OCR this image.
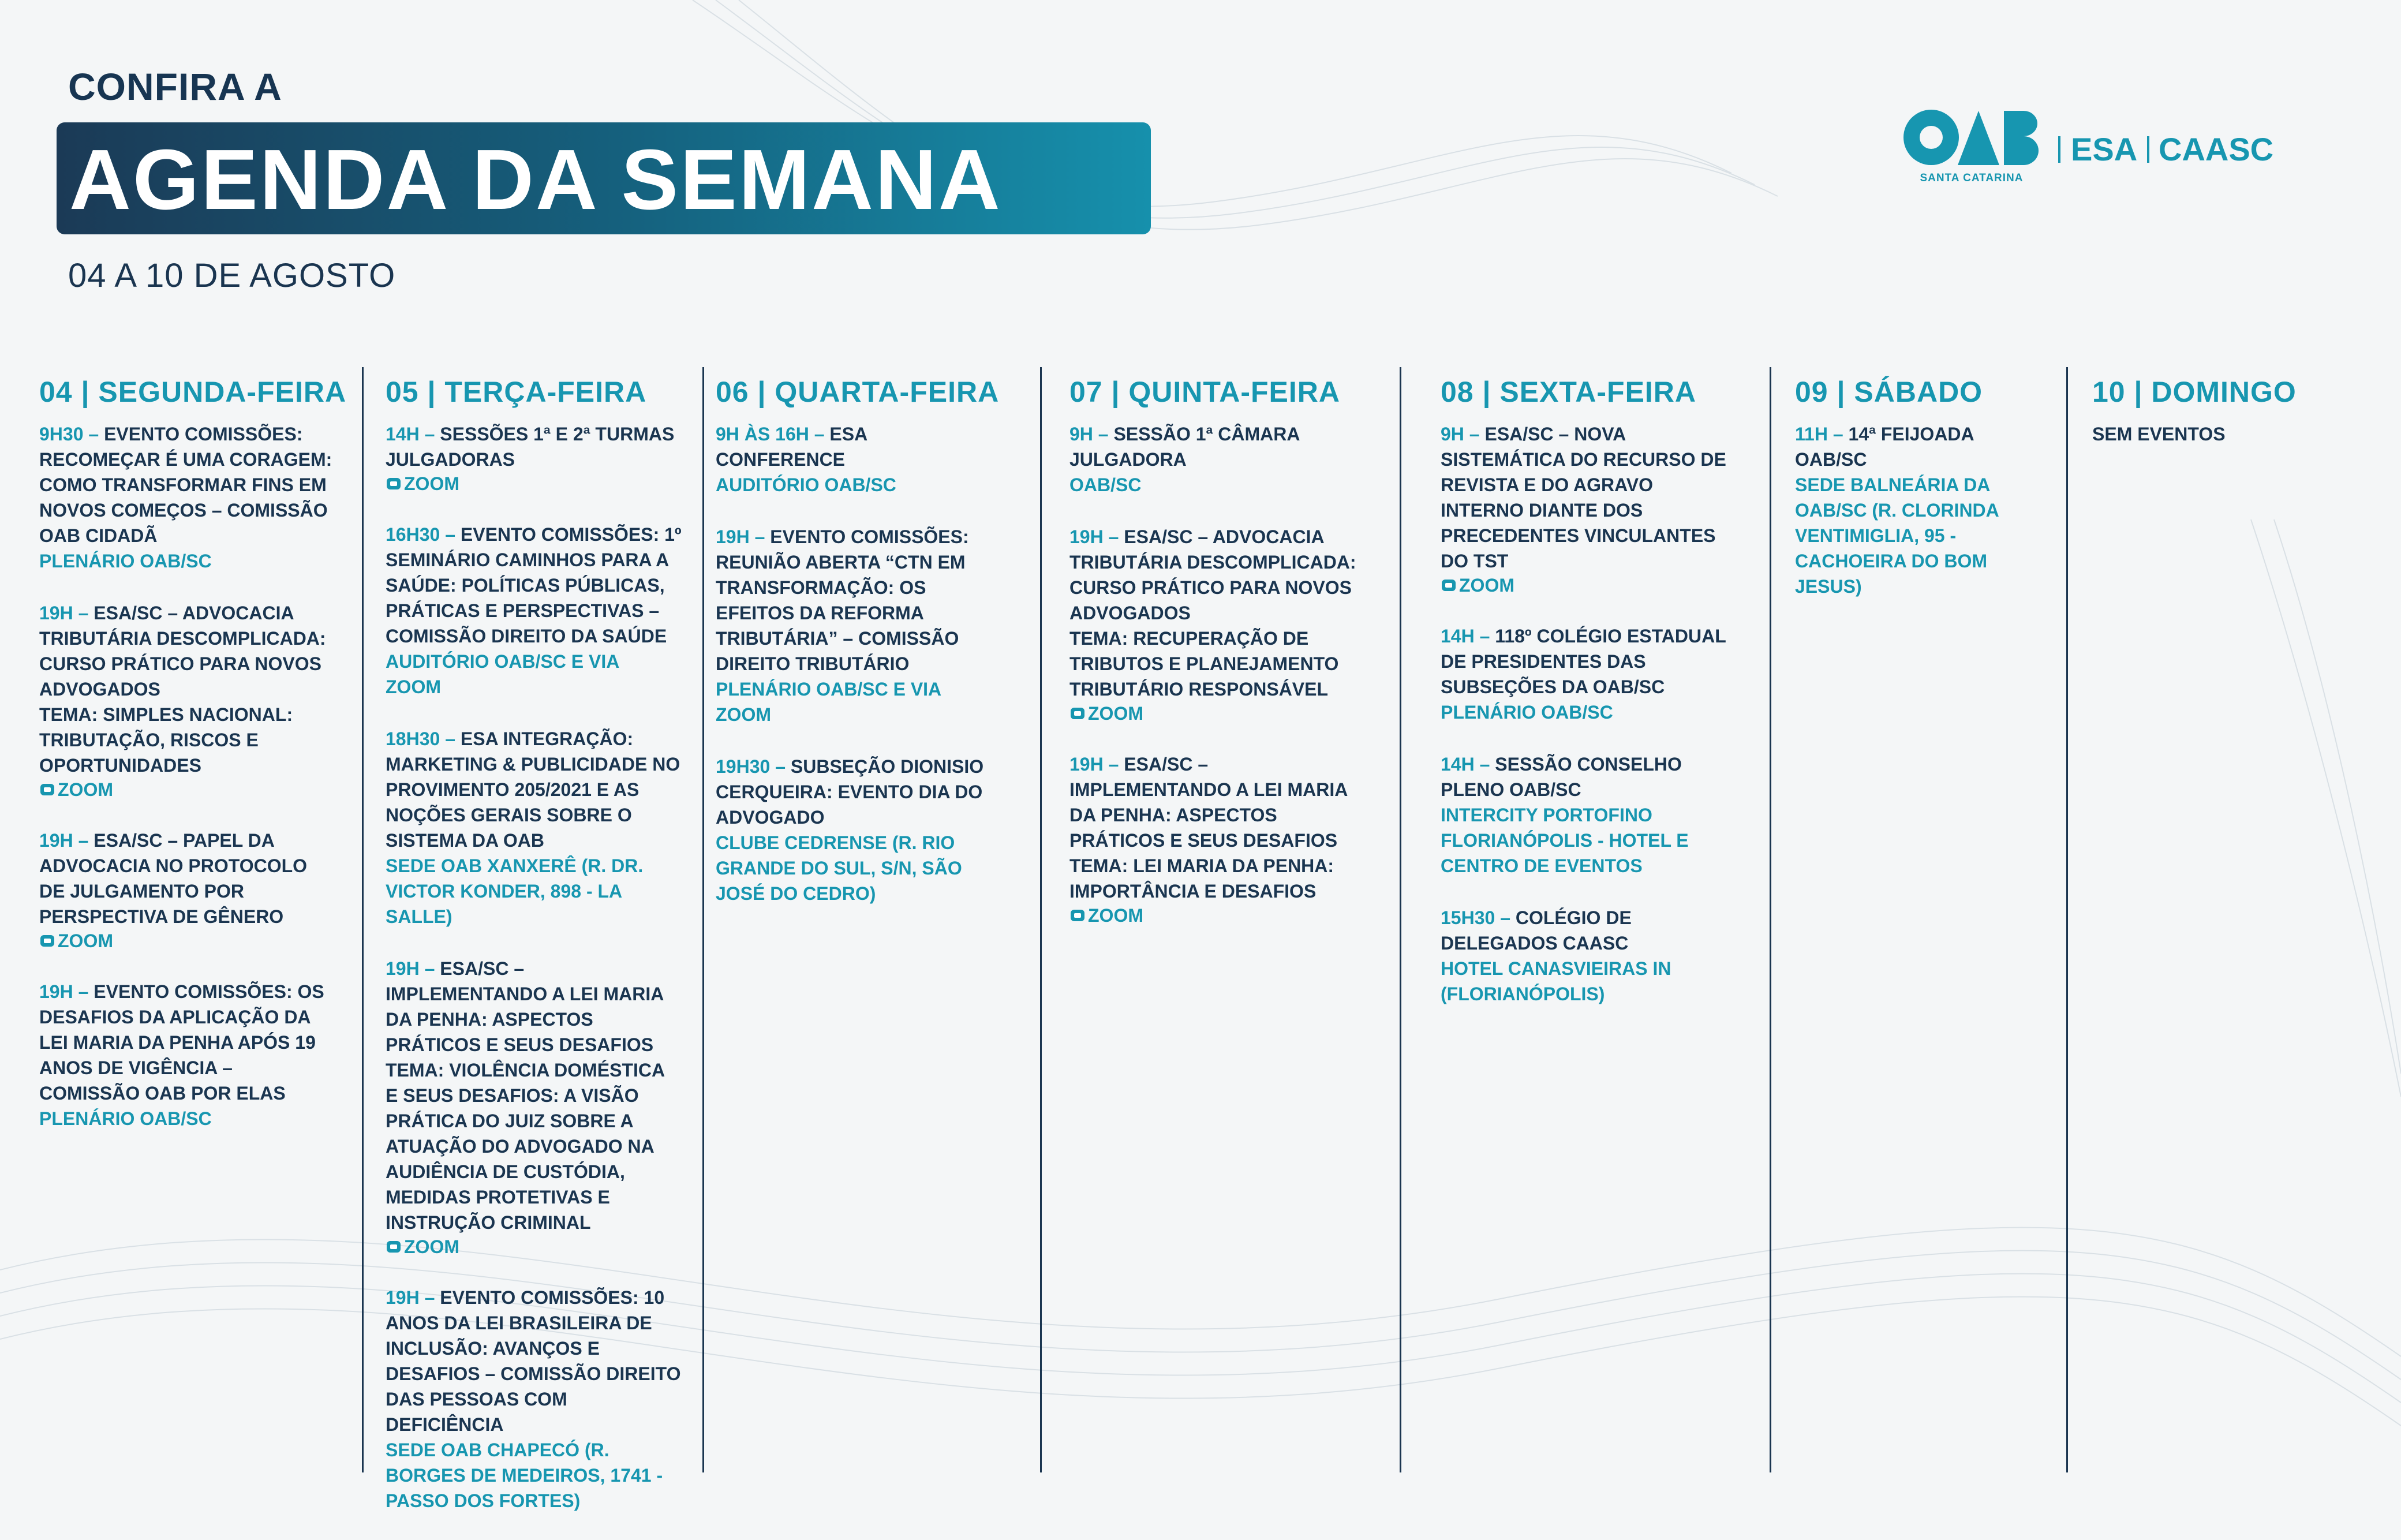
CONFIRA A
AGENDA DA SEMANA
04 A 10 DE AGOSTO
SANTA CATARINA
ESA CAASC
04 | SEGUNDA-FEIRA
9H30 – EVENTO COMISSÕES:
RECOMEÇAR É UMA CORAGEM:
COMO TRANSFORMAR FINS EM
NOVOS COMEÇOS – COMISSÃO
OAB CIDADÃ
PLENÁRIO OAB/SC
19H – ESA/SC – ADVOCACIA
TRIBUTÁRIA DESCOMPLICADA:
CURSO PRÁTICO PARA NOVOS
ADVOGADOS
TEMA: SIMPLES NACIONAL:
TRIBUTAÇÃO, RISCOS E
OPORTUNIDADES
ZOOM
19H – ESA/SC – PAPEL DA
ADVOCACIA NO PROTOCOLO
DE JULGAMENTO POR
PERSPECTIVA DE GÊNERO
ZOOM
19H – EVENTO COMISSÕES: OS
DESAFIOS DA APLICAÇÃO DA
LEI MARIA DA PENHA APÓS 19
ANOS DE VIGÊNCIA –
COMISSÃO OAB POR ELAS
PLENÁRIO OAB/SC
05 | TERÇA-FEIRA
14H – SESSÕES 1ª E 2ª TURMAS
JULGADORAS
ZOOM
16H30 – EVENTO COMISSÕES: 1º
SEMINÁRIO CAMINHOS PARA A
SAÚDE: POLÍTICAS PÚBLICAS,
PRÁTICAS E PERSPECTIVAS –
COMISSÃO DIREITO DA SAÚDE
AUDITÓRIO OAB/SC E VIA
ZOOM
18H30 – ESA INTEGRAÇÃO:
MARKETING & PUBLICIDADE NO
PROVIMENTO 205/2021 E AS
NOÇÕES GERAIS SOBRE O
SISTEMA DA OAB
SEDE OAB XANXERÊ (R. DR.
VICTOR KONDER, 898 - LA
SALLE)
19H – ESA/SC –
IMPLEMENTANDO A LEI MARIA
DA PENHA: ASPECTOS
PRÁTICOS E SEUS DESAFIOS
TEMA: VIOLÊNCIA DOMÉSTICA
E SEUS DESAFIOS: A VISÃO
PRÁTICA DO JUIZ SOBRE A
ATUAÇÃO DO ADVOGADO NA
AUDIÊNCIA DE CUSTÓDIA,
MEDIDAS PROTETIVAS E
INSTRUÇÃO CRIMINAL
ZOOM
19H – EVENTO COMISSÕES: 10
ANOS DA LEI BRASILEIRA DE
INCLUSÃO: AVANÇOS E
DESAFIOS – COMISSÃO DIREITO
DAS PESSOAS COM
DEFICIÊNCIA
SEDE OAB CHAPECÓ (R.
BORGES DE MEDEIROS, 1741 -
PASSO DOS FORTES)
06 | QUARTA-FEIRA
9H ÀS 16H – ESA
CONFERENCE
AUDITÓRIO OAB/SC
19H – EVENTO COMISSÕES:
REUNIÃO ABERTA “CTN EM
TRANSFORMAÇÃO: OS
EFEITOS DA REFORMA
TRIBUTÁRIA” – COMISSÃO
DIREITO TRIBUTÁRIO
PLENÁRIO OAB/SC E VIA
ZOOM
19H30 – SUBSEÇÃO DIONISIO
CERQUEIRA: EVENTO DIA DO
ADVOGADO
CLUBE CEDRENSE (R. RIO
GRANDE DO SUL, S/N, SÃO
JOSÉ DO CEDRO)
07 | QUINTA-FEIRA
9H – SESSÃO 1ª CÂMARA
JULGADORA
OAB/SC
19H – ESA/SC – ADVOCACIA
TRIBUTÁRIA DESCOMPLICADA:
CURSO PRÁTICO PARA NOVOS
ADVOGADOS
TEMA: RECUPERAÇÃO DE
TRIBUTOS E PLANEJAMENTO
TRIBUTÁRIO RESPONSÁVEL
ZOOM
19H – ESA/SC –
IMPLEMENTANDO A LEI MARIA
DA PENHA: ASPECTOS
PRÁTICOS E SEUS DESAFIOS
TEMA: LEI MARIA DA PENHA:
IMPORTÂNCIA E DESAFIOS
ZOOM
08 | SEXTA-FEIRA
9H – ESA/SC – NOVA
SISTEMÁTICA DO RECURSO DE
REVISTA E DO AGRAVO
INTERNO DIANTE DOS
PRECEDENTES VINCULANTES
DO TST
ZOOM
14H – 118º COLÉGIO ESTADUAL
DE PRESIDENTES DAS
SUBSEÇÕES DA OAB/SC
PLENÁRIO OAB/SC
14H – SESSÃO CONSELHO
PLENO OAB/SC
INTERCITY PORTOFINO
FLORIANÓPOLIS - HOTEL E
CENTRO DE EVENTOS
15H30 – COLÉGIO DE
DELEGADOS CAASC
HOTEL CANASVIEIRAS IN
(FLORIANÓPOLIS)
09 | SÁBADO
11H – 14ª FEIJOADA
OAB/SC
SEDE BALNEÁRIA DA
OAB/SC (R. CLORINDA
VENTIMIGLIA, 95 -
CACHOEIRA DO BOM
JESUS)
10 | DOMINGO
SEM EVENTOS
